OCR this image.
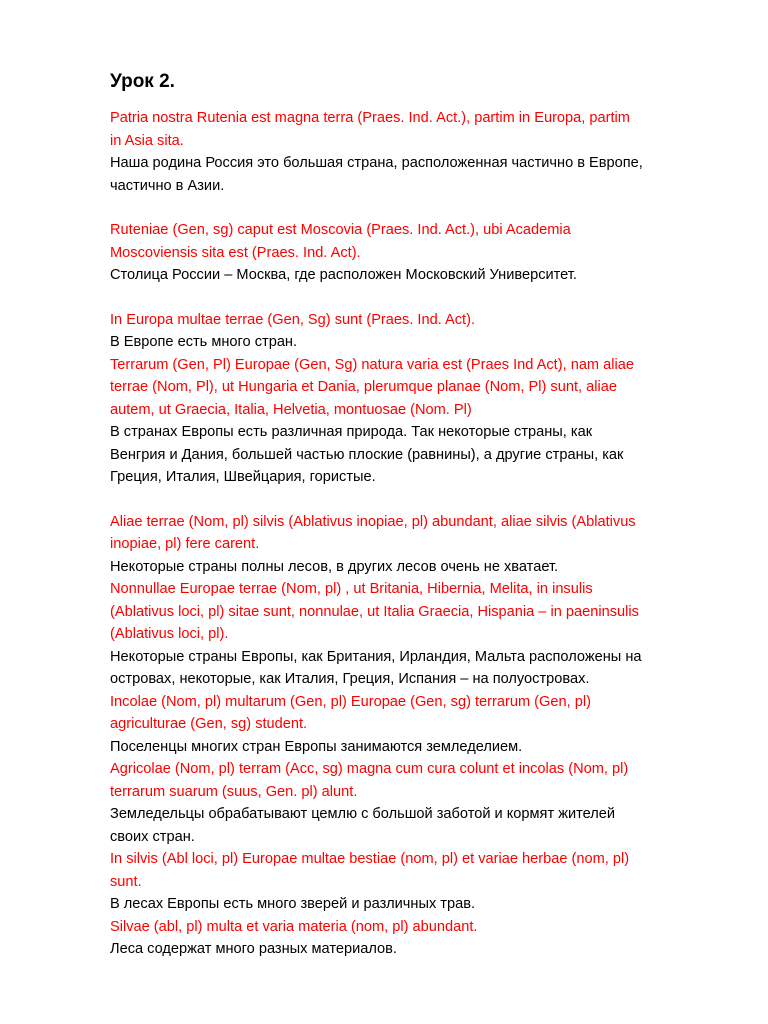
Урок 2.
Patria nostra Rutenia est magna terra (Praes. Ind. Act.), partim in Europa, partim
in Asia sita.
Наша родина Россия это большая страна, расположенная частично в Европе,
частично в Азии.
Ruteniae (Gen, sg) caput est Moscovia (Praes. Ind. Act.), ubi Academia
Moscoviensis sita est (Praes. Ind. Act).
Столица России – Москва, где расположен Московский Университет.
In Europa multae terrae (Gen, Sg) sunt (Praes. Ind. Act).
В Европе есть много стран.
Terrarum (Gen, Pl) Europae (Gen, Sg) natura varia est (Praes Ind Act), nam aliae
terrae (Nom, Pl), ut Hungaria et Dania, plerumque planae (Nom, Pl) sunt, aliae
autem, ut Graecia, Italia, Helvetia, montuosae (Nom. Pl)
В странах Европы есть различная природа. Так некоторые страны, как
Венгрия и Дания, большей частью плоские (равнины), а другие страны, как
Греция, Италия, Швейцария, гористые.
Aliae terrae (Nom, pl) silvis (Ablativus inopiae, pl) abundant, aliae silvis (Ablativus
inopiae, pl) fere carent.
Некоторые страны полны лесов, в других лесов очень не хватает.
Nonnullae Europae terrae (Nom, pl) , ut Britania, Hibernia, Melita, in insulis
(Ablativus loci, pl) sitae sunt, nonnulae, ut Italia Graecia, Hispania – in paeninsulis
(Ablativus loci, pl).
Некоторые страны Европы, как Британия, Ирландия, Мальта расположены на
островах, некоторые, как Италия, Греция, Испания – на полуостровах.
Incolae (Nom, pl) multarum (Gen, pl) Europae (Gen, sg) terrarum (Gen, pl)
agriculturae (Gen, sg) student.
Поселенцы многих стран Европы занимаются земледелием.
Agricolae (Nom, pl) terram (Acc, sg) magna cum cura colunt et incolas (Nom, pl)
terrarum suarum (suus, Gen. pl) alunt.
Земледельцы обрабатывают цемлю с большой заботой и кормят жителей
своих стран.
In silvis (Abl loci, pl) Europae multae bestiae (nom, pl) et variae herbae (nom, pl)
sunt.
В лесах Европы есть много зверей и различных трав.
Silvae (abl, pl) multa et varia materia (nom, pl) abundant.
Леса содержат много разных материалов.
